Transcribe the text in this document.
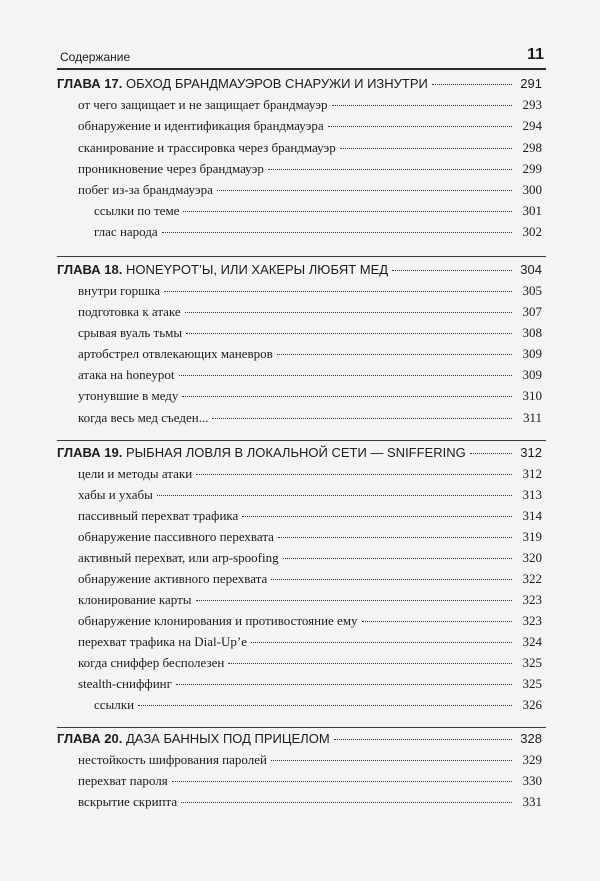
Содержание	11
ГЛАВА 17. ОБХОД БРАНДМАУЭРОВ СНАРУЖИ И ИЗНУТРИ	291
от чего защищает и не защищает брандмауэр	293
обнаружение и идентификация брандмауэра	294
сканирование и трассировка через брандмауэр	298
проникновение через брандмауэр	299
побег из-за брандмауэра	300
ссылки по теме	301
глас народа	302
ГЛАВА 18. HONEYPOT’Ы, ИЛИ ХАКЕРЫ ЛЮБЯТ МЕД	304
внутри горшка	305
подготовка к атаке	307
срывая вуаль тьмы	308
артобстрел отвлекающих маневров	309
атака на honeypot	309
утонувшие в меду	310
когда весь мед съеден...	311
ГЛАВА 19. РЫБНАЯ ЛОВЛЯ В ЛОКАЛЬНОЙ СЕТИ — SNIFFERING	312
цели и методы атаки	312
хабы и ухабы	313
пассивный перехват трафика	314
обнаружение пассивного перехвата	319
активный перехват, или arp-spoofing	320
обнаружение активного перехвата	322
клонирование карты	323
обнаружение клонирования и противостояние ему	323
перехват трафика на Dial-Up’е	324
когда сниффер бесполезен	325
stealth-сниффинг	325
ссылки	326
ГЛАВА 20. ДАЗА БАННЫХ ПОД ПРИЦЕЛОМ	328
нестойкость шифрования паролей	329
перехват пароля	330
вскрытие скрипта	331
